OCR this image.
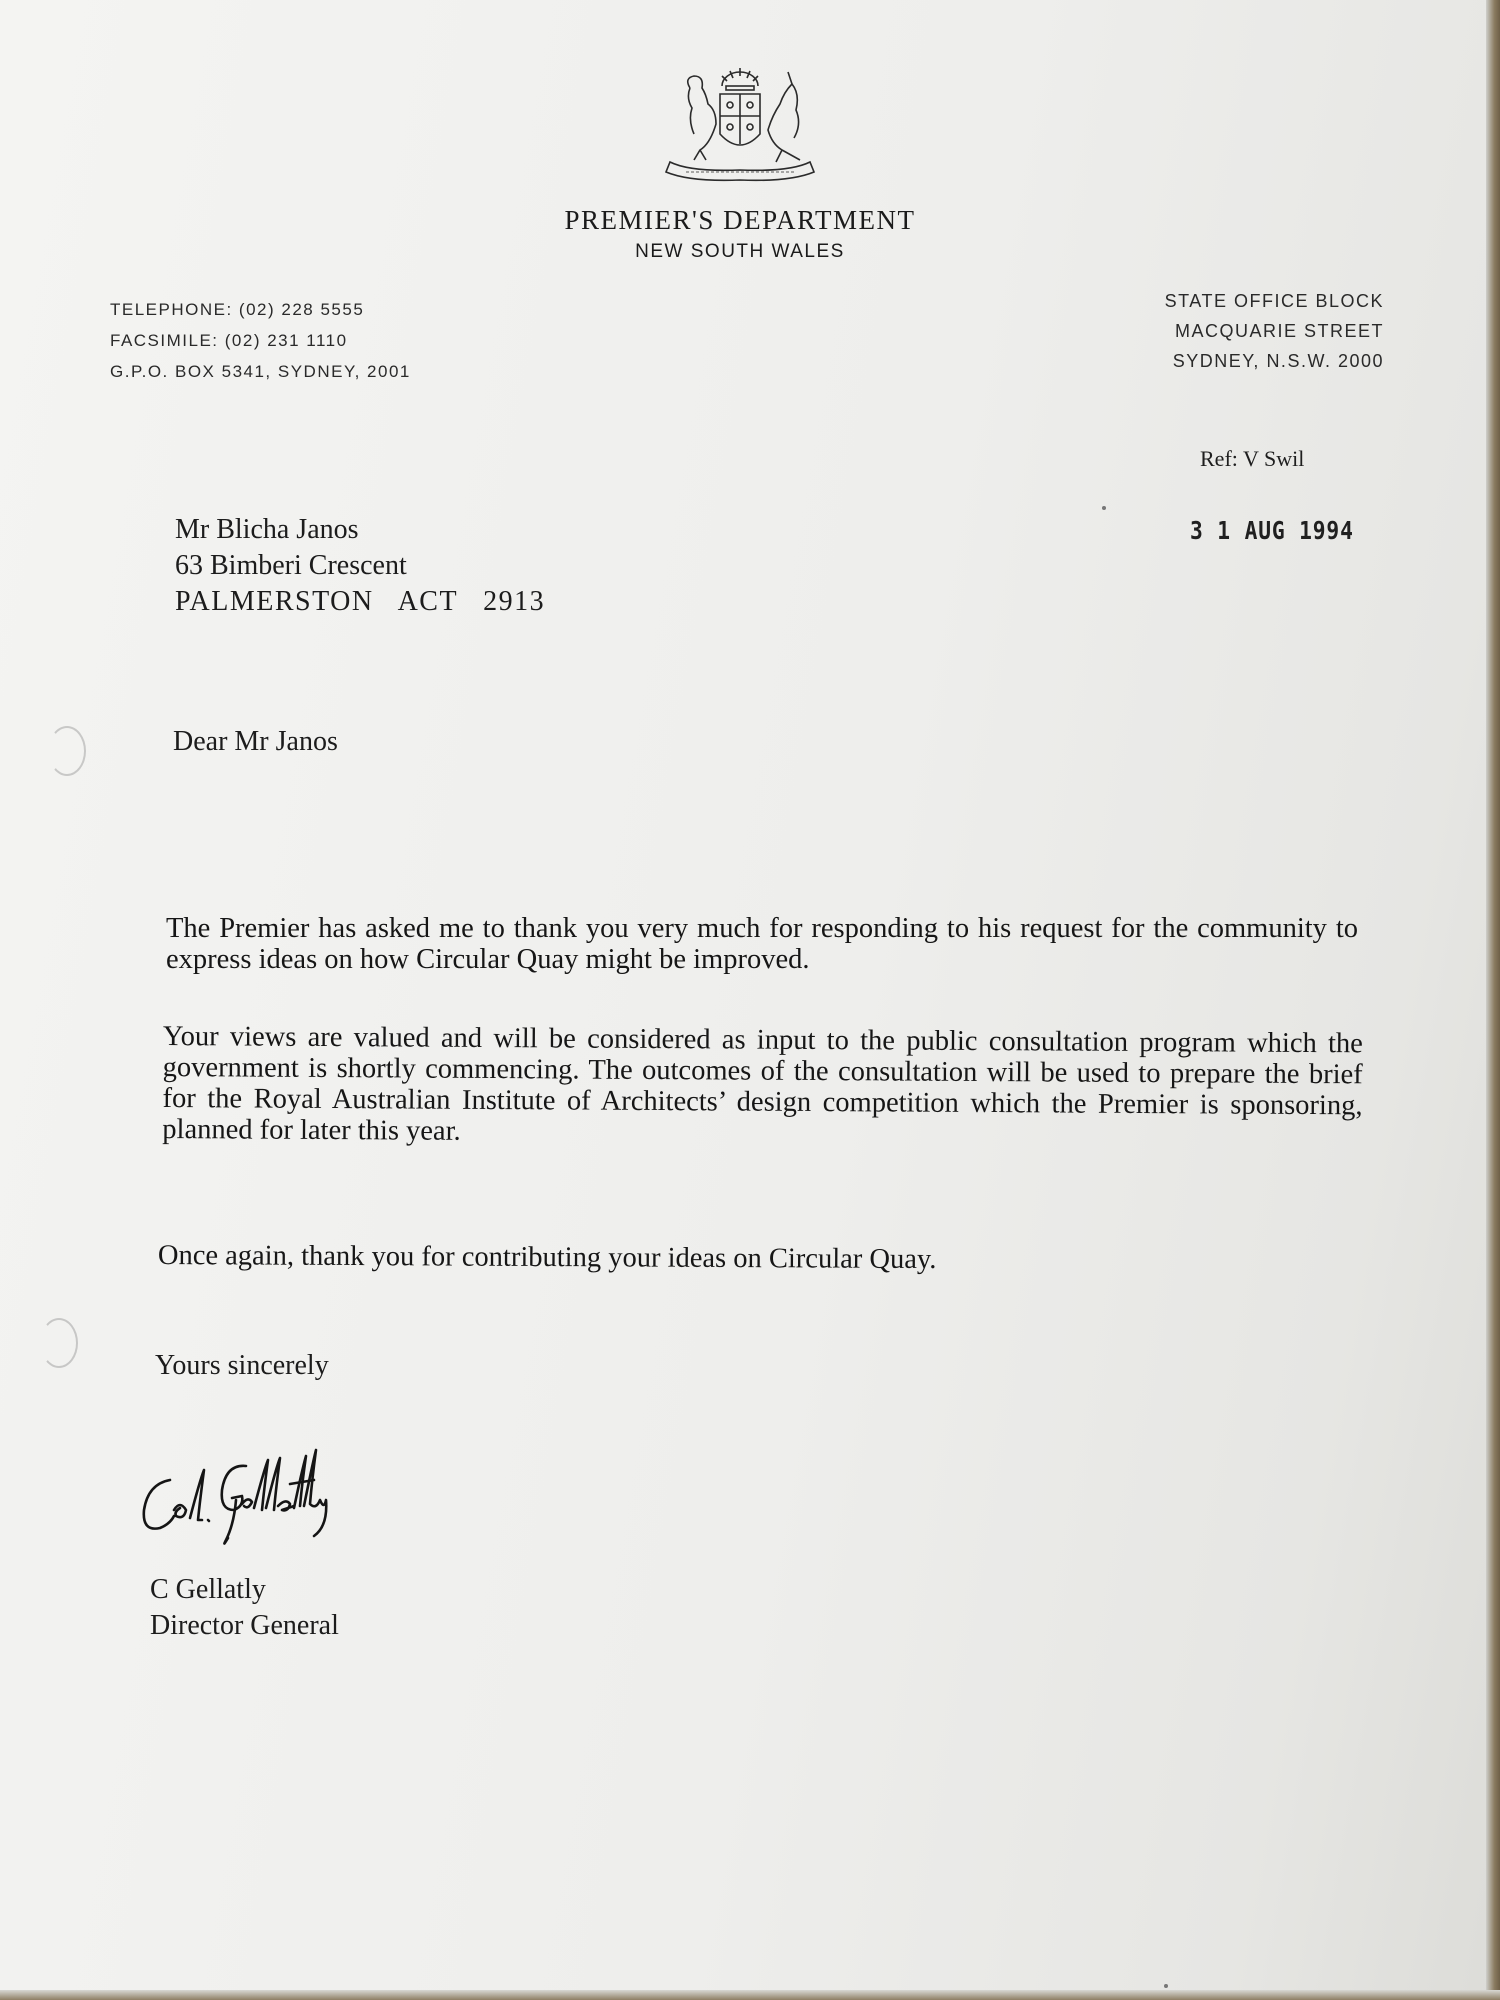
PREMIER'S DEPARTMENT
NEW SOUTH WALES
TELEPHONE: (02) 228 5555
FACSIMILE: (02) 231 1110
G.P.O. BOX 5341, SYDNEY, 2001
STATE OFFICE BLOCK
MACQUARIE STREET
SYDNEY, N.S.W. 2000
Ref: V Swil
3 1 AUG 1994
Mr Blicha Janos
63 Bimberi Crescent
PALMERSTON   ACT   2913
Dear Mr Janos
The Premier has asked me to thank you very much for responding to his request for the community to express ideas on how Circular Quay might be improved.
Your views are valued and will be considered as input to the public consultation program which the government is shortly commencing. The outcomes of the consultation will be used to prepare the brief for the Royal Australian Institute of Architects’ design competition which the Premier is sponsoring, planned for later this year.
Once again, thank you for contributing your ideas on Circular Quay.
Yours sincerely
C Gellatly
Director General
